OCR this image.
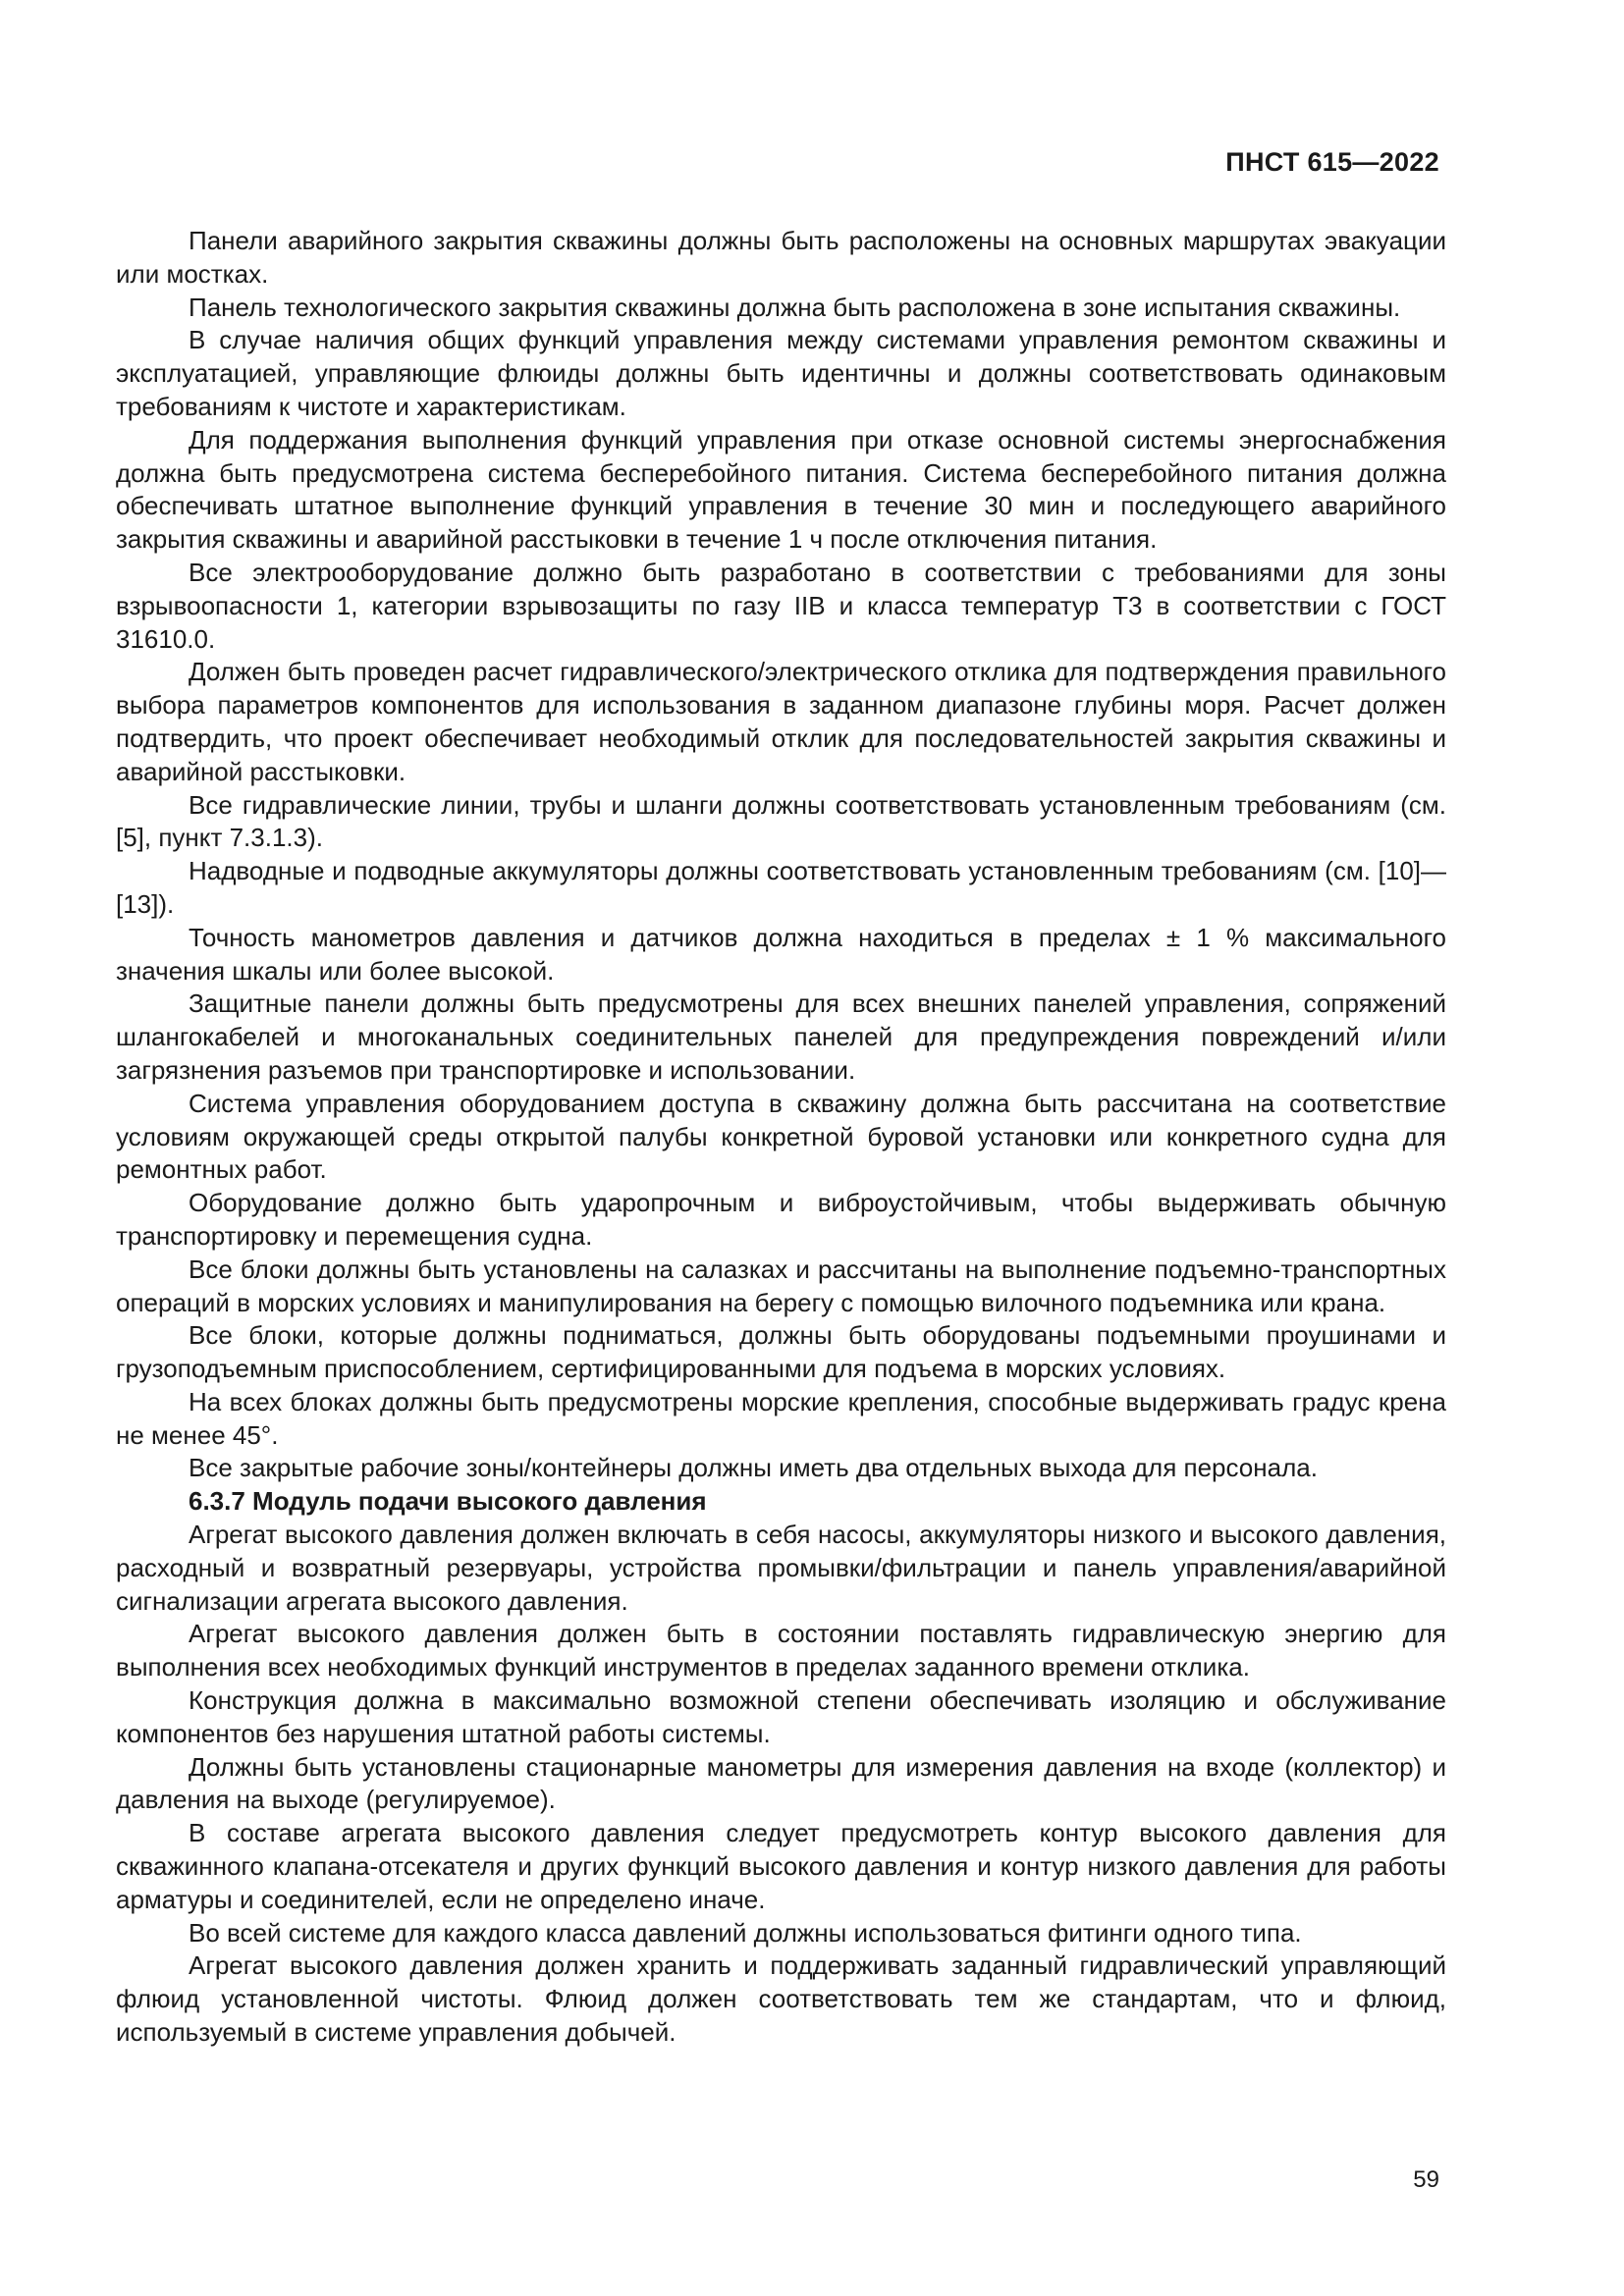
ПНСТ 615—2022

Панели аварийного закрытия скважины должны быть расположены на основных маршрутах эвакуации или мостках.

Панель технологического закрытия скважины должна быть расположена в зоне испытания скважины.

В случае наличия общих функций управления между системами управления ремонтом скважины и эксплуатацией, управляющие флюиды должны быть идентичны и должны соответствовать одинаковым требованиям к чистоте и характеристикам.

Для поддержания выполнения функций управления при отказе основной системы энергоснабжения должна быть предусмотрена система бесперебойного питания. Система бесперебойного питания должна обеспечивать штатное выполнение функций управления в течение 30 мин и последующего аварийного закрытия скважины и аварийной расстыковки в течение 1 ч после отключения питания.

Все электрооборудование должно быть разработано в соответствии с требованиями для зоны взрывоопасности 1, категории взрывозащиты по газу IIB и класса температур Т3 в соответствии с ГОСТ 31610.0.

Должен быть проведен расчет гидравлического/электрического отклика для подтверждения правильного выбора параметров компонентов для использования в заданном диапазоне глубины моря. Расчет должен подтвердить, что проект обеспечивает необходимый отклик для последовательностей закрытия скважины и аварийной расстыковки.

Все гидравлические линии, трубы и шланги должны соответствовать установленным требованиям (см. [5], пункт 7.3.1.3).

Надводные и подводные аккумуляторы должны соответствовать установленным требованиям (см. [10]—[13]).

Точность манометров давления и датчиков должна находиться в пределах ± 1 % максимального значения шкалы или более высокой.

Защитные панели должны быть предусмотрены для всех внешних панелей управления, сопряжений шлангокабелей и многоканальных соединительных панелей для предупреждения повреждений и/или загрязнения разъемов при транспортировке и использовании.

Система управления оборудованием доступа в скважину должна быть рассчитана на соответствие условиям окружающей среды открытой палубы конкретной буровой установки или конкретного судна для ремонтных работ.

Оборудование должно быть ударопрочным и виброустойчивым, чтобы выдерживать обычную транспортировку и перемещения судна.

Все блоки должны быть установлены на салазках и рассчитаны на выполнение подъемно-транспортных операций в морских условиях и манипулирования на берегу с помощью вилочного подъемника или крана.

Все блоки, которые должны подниматься, должны быть оборудованы подъемными проушинами и грузоподъемным приспособлением, сертифицированными для подъема в морских условиях.

На всех блоках должны быть предусмотрены морские крепления, способные выдерживать градус крена не менее 45°.

Все закрытые рабочие зоны/контейнеры должны иметь два отдельных выхода для персонала.

6.3.7 Модуль подачи высокого давления

Агрегат высокого давления должен включать в себя насосы, аккумуляторы низкого и высокого давления, расходный и возвратный резервуары, устройства промывки/фильтрации и панель управления/аварийной сигнализации агрегата высокого давления.

Агрегат высокого давления должен быть в состоянии поставлять гидравлическую энергию для выполнения всех необходимых функций инструментов в пределах заданного времени отклика.

Конструкция должна в максимально возможной степени обеспечивать изоляцию и обслуживание компонентов без нарушения штатной работы системы.

Должны быть установлены стационарные манометры для измерения давления на входе (коллектор) и давления на выходе (регулируемое).

В составе агрегата высокого давления следует предусмотреть контур высокого давления для скважинного клапана-отсекателя и других функций высокого давления и контур низкого давления для работы арматуры и соединителей, если не определено иначе.

Во всей системе для каждого класса давлений должны использоваться фитинги одного типа.

Агрегат высокого давления должен хранить и поддерживать заданный гидравлический управляющий флюид установленной чистоты. Флюид должен соответствовать тем же стандартам, что и флюид, используемый в системе управления добычей.

59
